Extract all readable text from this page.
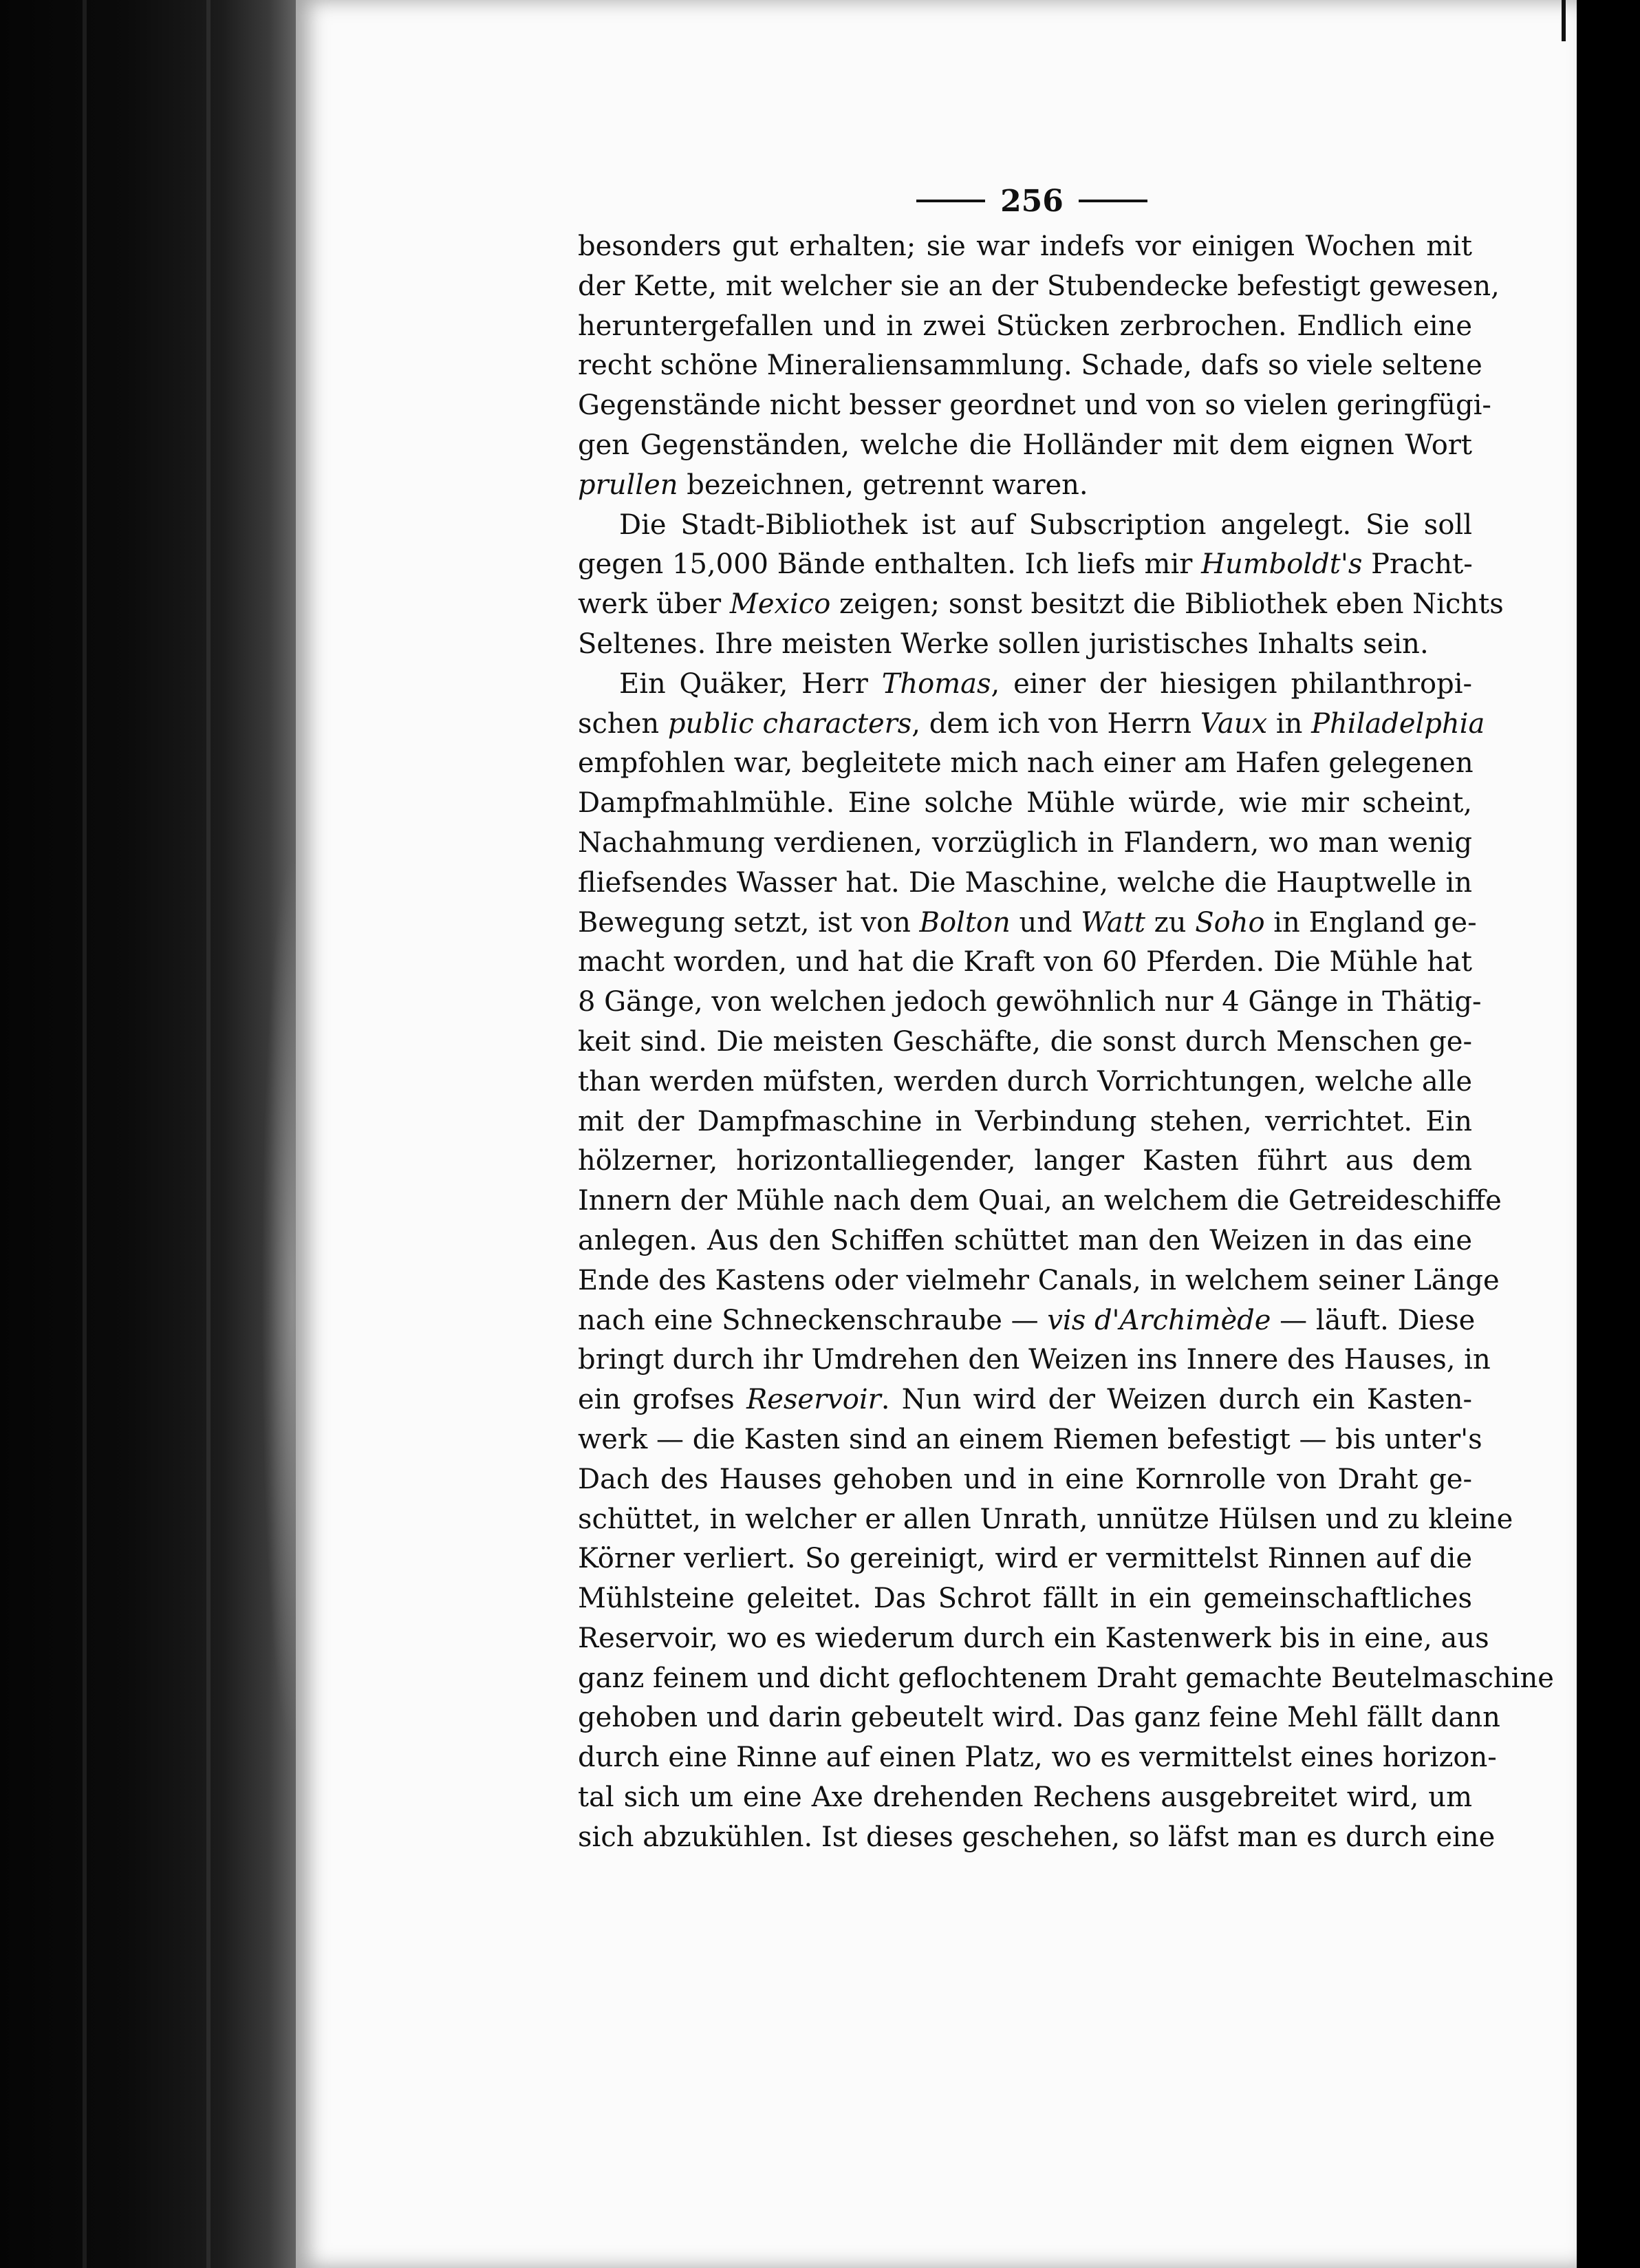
256
besonders gut erhalten; sie war indefs vor einigen Wochen mit
der Kette, mit welcher sie an der Stubendecke befestigt gewesen,
heruntergefallen und in zwei Stücken zerbrochen. Endlich eine
recht schöne Mineraliensammlung. Schade, dafs so viele seltene
Gegenstände nicht besser geordnet und von so vielen geringfügi-
gen Gegenständen, welche die Holländer mit dem eignen Wort
prullen bezeichnen, getrennt waren.
Die Stadt-Bibliothek ist auf Subscription angelegt. Sie soll
gegen 15,000 Bände enthalten. Ich liefs mir Humboldt's Pracht-
werk über Mexico zeigen; sonst besitzt die Bibliothek eben Nichts
Seltenes. Ihre meisten Werke sollen juristisches Inhalts sein.
Ein Quäker, Herr Thomas, einer der hiesigen philanthropi-
schen public characters, dem ich von Herrn Vaux in Philadelphia
empfohlen war, begleitete mich nach einer am Hafen gelegenen
Dampfmahlmühle. Eine solche Mühle würde, wie mir scheint,
Nachahmung verdienen, vorzüglich in Flandern, wo man wenig
fliefsendes Wasser hat. Die Maschine, welche die Hauptwelle in
Bewegung setzt, ist von Bolton und Watt zu Soho in England ge-
macht worden, und hat die Kraft von 60 Pferden. Die Mühle hat
8 Gänge, von welchen jedoch gewöhnlich nur 4 Gänge in Thätig-
keit sind. Die meisten Geschäfte, die sonst durch Menschen ge-
than werden müfsten, werden durch Vorrichtungen, welche alle
mit der Dampfmaschine in Verbindung stehen, verrichtet. Ein
hölzerner, horizontalliegender, langer Kasten führt aus dem
Innern der Mühle nach dem Quai, an welchem die Getreideschiffe
anlegen. Aus den Schiffen schüttet man den Weizen in das eine
Ende des Kastens oder vielmehr Canals, in welchem seiner Länge
nach eine Schneckenschraube — vis d'Archimède — läuft. Diese
bringt durch ihr Umdrehen den Weizen ins Innere des Hauses, in
ein grofses Reservoir. Nun wird der Weizen durch ein Kasten-
werk — die Kasten sind an einem Riemen befestigt — bis unter's
Dach des Hauses gehoben und in eine Kornrolle von Draht ge-
schüttet, in welcher er allen Unrath, unnütze Hülsen und zu kleine
Körner verliert. So gereinigt, wird er vermittelst Rinnen auf die
Mühlsteine geleitet. Das Schrot fällt in ein gemeinschaftliches
Reservoir, wo es wiederum durch ein Kastenwerk bis in eine, aus
ganz feinem und dicht geflochtenem Draht gemachte Beutelmaschine
gehoben und darin gebeutelt wird. Das ganz feine Mehl fällt dann
durch eine Rinne auf einen Platz, wo es vermittelst eines horizon-
tal sich um eine Axe drehenden Rechens ausgebreitet wird, um
sich abzukühlen. Ist dieses geschehen, so läfst man es durch eine
